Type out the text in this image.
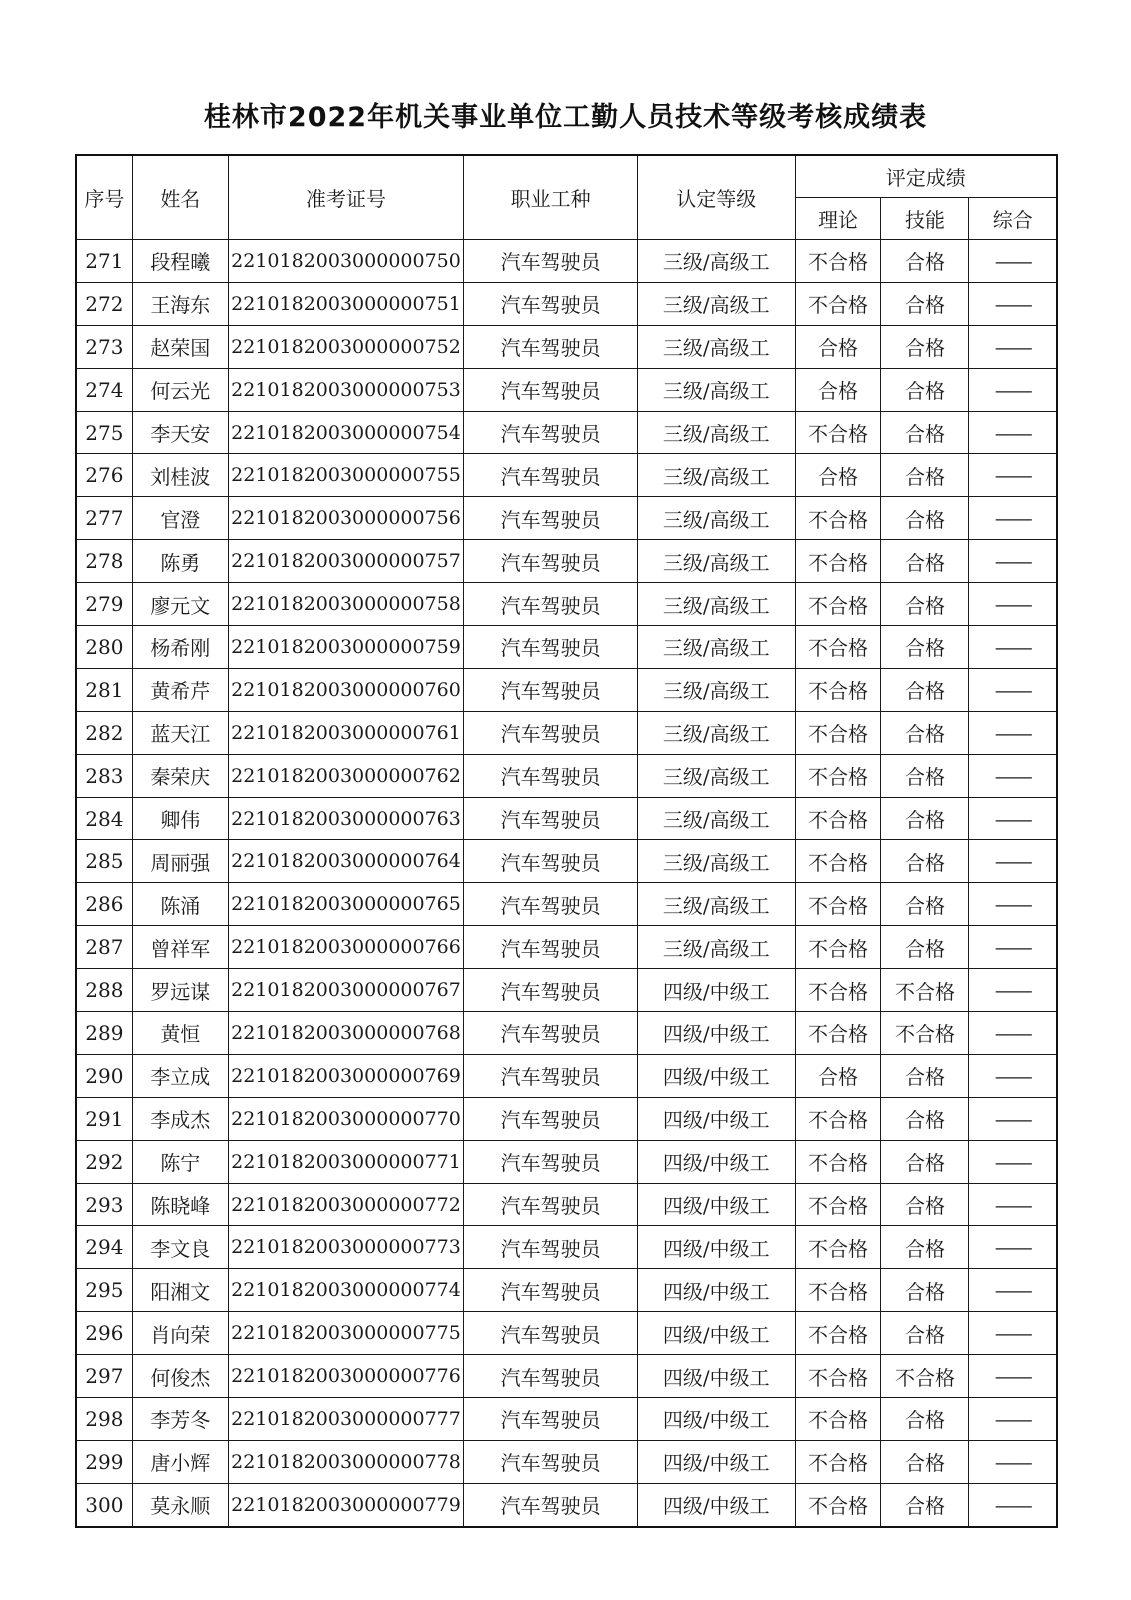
桂林市2022年机关事业单位工勤人员技术等级考核成绩表
序号	姓名	准考证号	职业工种	认定等级	评定成绩		
					理论	技能	综合
271	段程曦	2210182003000000750	汽车驾驶员	三级/高级工	不合格	合格	——
272	王海东	2210182003000000751	汽车驾驶员	三级/高级工	不合格	合格	——
273	赵荣国	2210182003000000752	汽车驾驶员	三级/高级工	合格	合格	——
274	何云光	2210182003000000753	汽车驾驶员	三级/高级工	合格	合格	——
275	李天安	2210182003000000754	汽车驾驶员	三级/高级工	不合格	合格	——
276	刘桂波	2210182003000000755	汽车驾驶员	三级/高级工	合格	合格	——
277	官澄	2210182003000000756	汽车驾驶员	三级/高级工	不合格	合格	——
278	陈勇	2210182003000000757	汽车驾驶员	三级/高级工	不合格	合格	——
279	廖元文	2210182003000000758	汽车驾驶员	三级/高级工	不合格	合格	——
280	杨希刚	2210182003000000759	汽车驾驶员	三级/高级工	不合格	合格	——
281	黄希芹	2210182003000000760	汽车驾驶员	三级/高级工	不合格	合格	——
282	蓝天江	2210182003000000761	汽车驾驶员	三级/高级工	不合格	合格	——
283	秦荣庆	2210182003000000762	汽车驾驶员	三级/高级工	不合格	合格	——
284	卿伟	2210182003000000763	汽车驾驶员	三级/高级工	不合格	合格	——
285	周丽强	2210182003000000764	汽车驾驶员	三级/高级工	不合格	合格	——
286	陈涌	2210182003000000765	汽车驾驶员	三级/高级工	不合格	合格	——
287	曾祥军	2210182003000000766	汽车驾驶员	三级/高级工	不合格	合格	——
288	罗远谋	2210182003000000767	汽车驾驶员	四级/中级工	不合格	不合格	——
289	黄恒	2210182003000000768	汽车驾驶员	四级/中级工	不合格	不合格	——
290	李立成	2210182003000000769	汽车驾驶员	四级/中级工	合格	合格	——
291	李成杰	2210182003000000770	汽车驾驶员	四级/中级工	不合格	合格	——
292	陈宁	2210182003000000771	汽车驾驶员	四级/中级工	不合格	合格	——
293	陈晓峰	2210182003000000772	汽车驾驶员	四级/中级工	不合格	合格	——
294	李文良	2210182003000000773	汽车驾驶员	四级/中级工	不合格	合格	——
295	阳湘文	2210182003000000774	汽车驾驶员	四级/中级工	不合格	合格	——
296	肖向荣	2210182003000000775	汽车驾驶员	四级/中级工	不合格	合格	——
297	何俊杰	2210182003000000776	汽车驾驶员	四级/中级工	不合格	不合格	——
298	李芳冬	2210182003000000777	汽车驾驶员	四级/中级工	不合格	合格	——
299	唐小辉	2210182003000000778	汽车驾驶员	四级/中级工	不合格	合格	——
300	莫永顺	2210182003000000779	汽车驾驶员	四级/中级工	不合格	合格	——
